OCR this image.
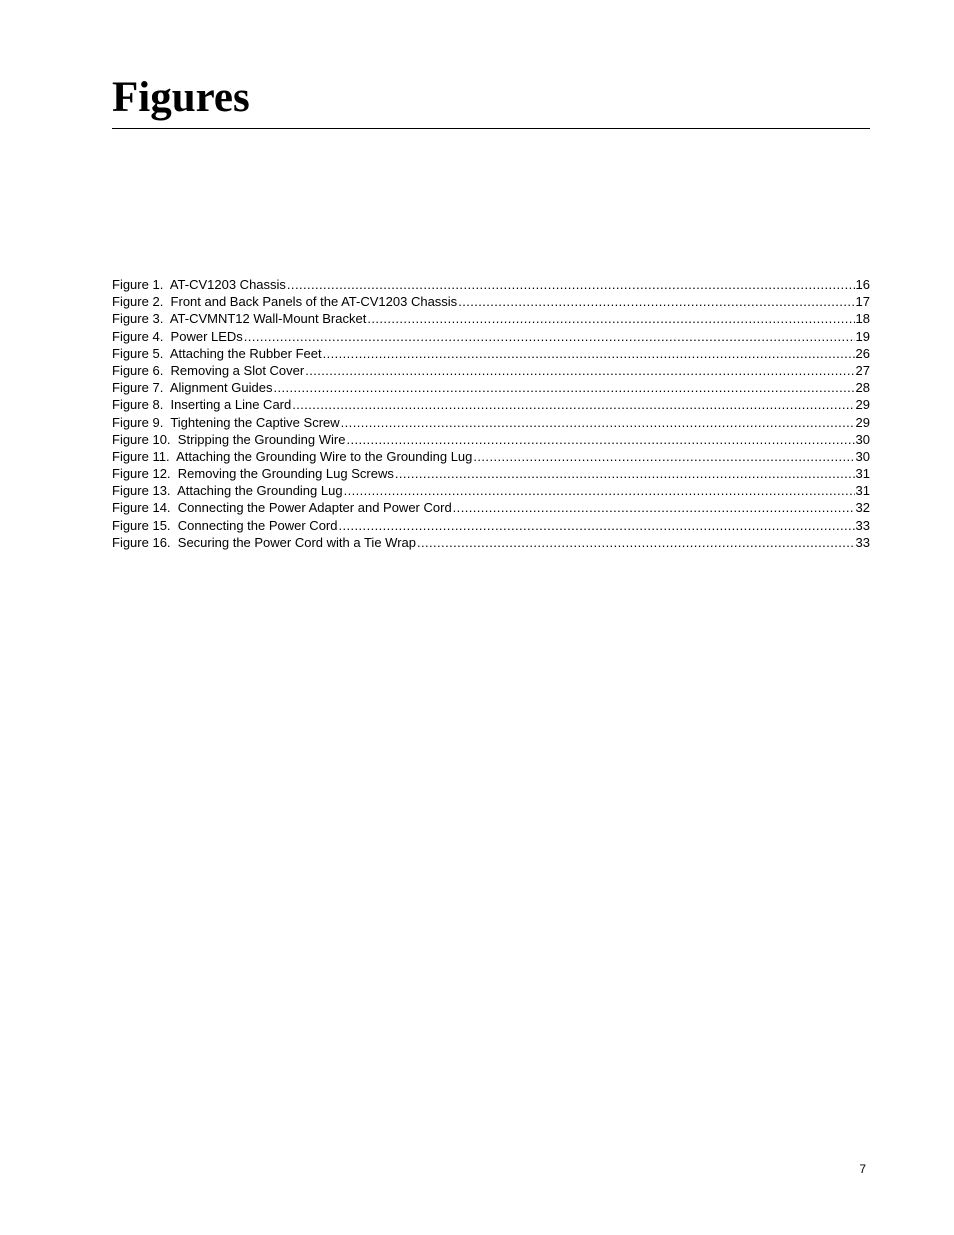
Figures
Figure 1. AT-CV1203 Chassis .....	16
Figure 2. Front and Back Panels of the AT-CV1203 Chassis .....	17
Figure 3. AT-CVMNT12 Wall-Mount Bracket .....	18
Figure 4. Power LEDs .....	19
Figure 5. Attaching the Rubber Feet .....	26
Figure 6. Removing a Slot Cover .....	27
Figure 7. Alignment Guides .....	28
Figure 8. Inserting a Line Card .....	29
Figure 9. Tightening the Captive Screw .....	29
Figure 10. Stripping the Grounding Wire .....	30
Figure 11. Attaching the Grounding Wire to the Grounding Lug .....	30
Figure 12. Removing the Grounding Lug Screws .....	31
Figure 13. Attaching the Grounding Lug .....	31
Figure 14. Connecting the Power Adapter and Power Cord .....	32
Figure 15. Connecting the Power Cord .....	33
Figure 16. Securing the Power Cord with a Tie Wrap .....	33
7
